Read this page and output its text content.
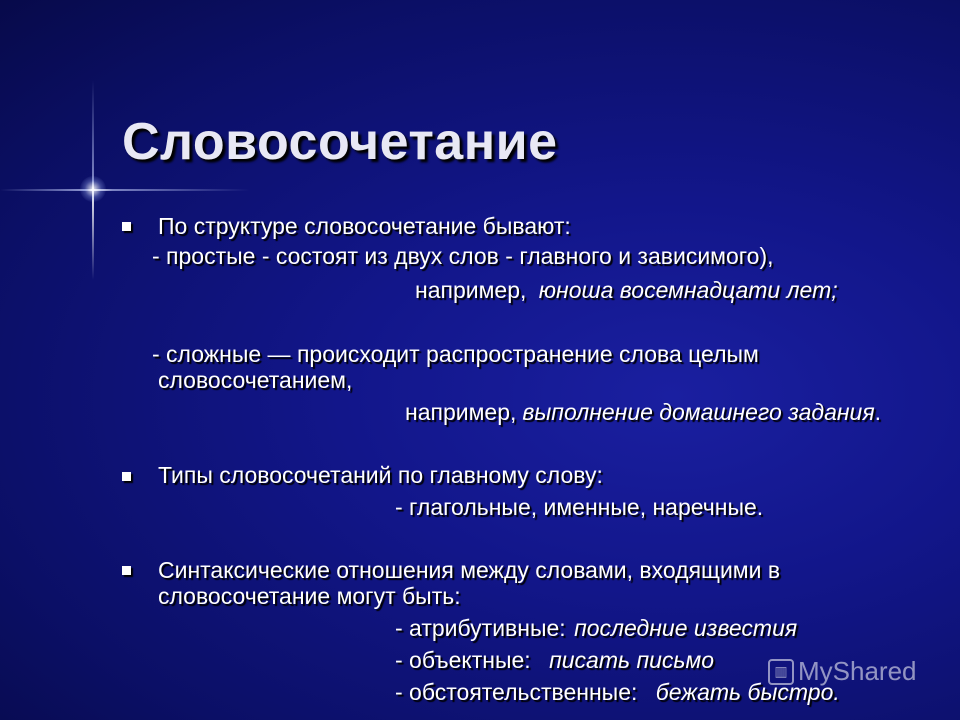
Словосочетание
По структуре словосочетание бывают:
- простые - состоят из двух слов - главного и зависимого),
например, юноша восемнадцати лет;
- сложные — происходит распространение слова целым
словосочетанием,
например, выполнение домашнего задания.
Типы словосочетаний по главному слову:
- глагольные, именные, наречные.
Синтаксические отношения между словами, входящими в
словосочетание могут быть:
- атрибутивные: последние известия
- объектные: писать письмо
- обстоятельственные: бежать быстро.
▥ MyShared
